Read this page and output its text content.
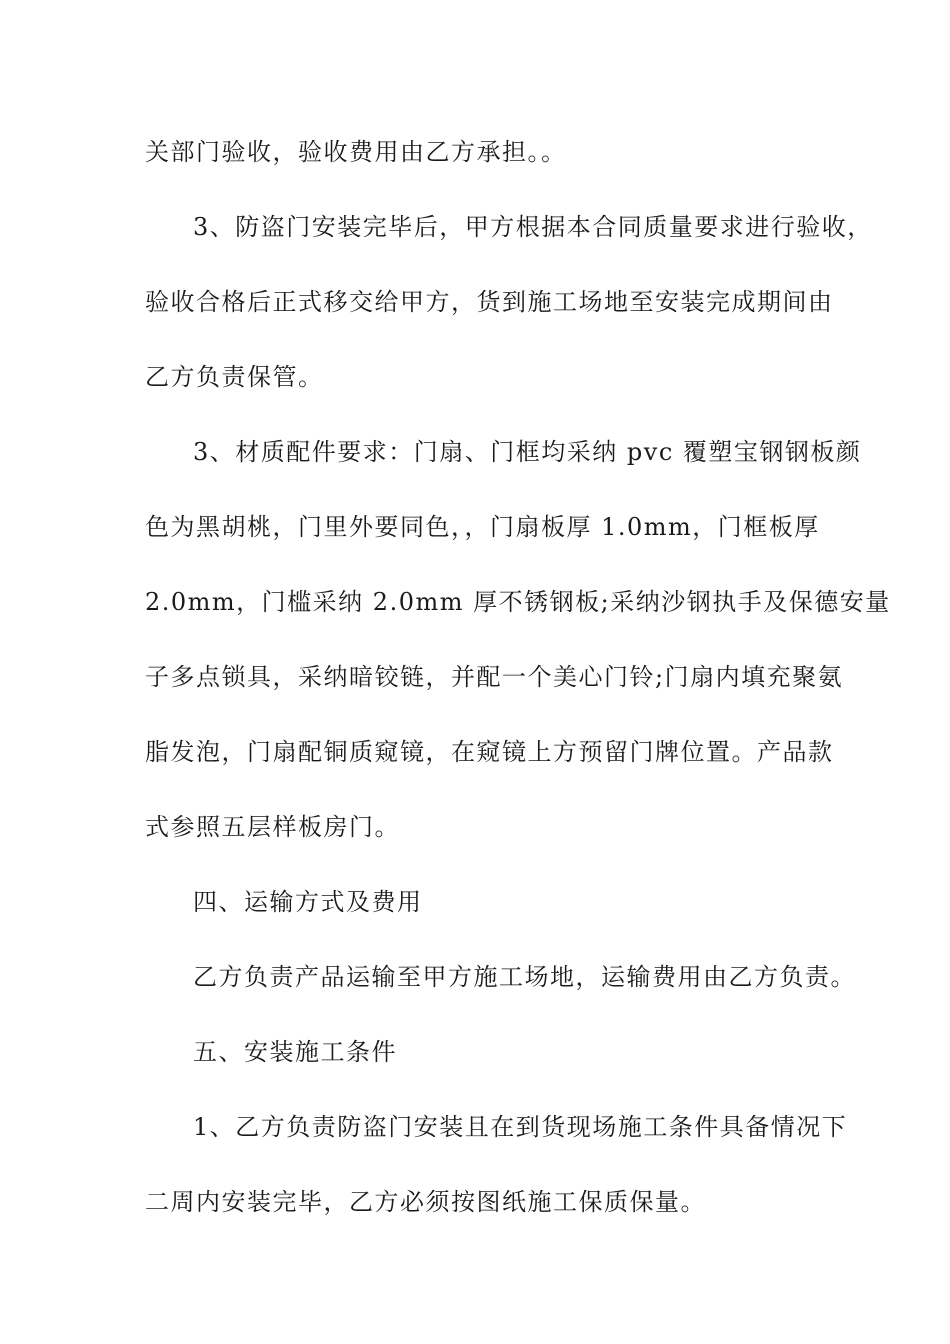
关部门验收，验收费用由乙方承担。。
3、防盗门安装完毕后，甲方根据本合同质量要求进行验收，
验收合格后正式移交给甲方，货到施工场地至安装完成期间由
乙方负责保管。
3、材质配件要求：门扇、门框均采纳 pvc 覆塑宝钢钢板颜
色为黑胡桃，门里外要同色，，门扇板厚 1.0mm，门框板厚
2.0mm，门槛采纳 2.0mm 厚不锈钢板;采纳沙钢执手及保德安量
子多点锁具，采纳暗铰链，并配一个美心门铃;门扇内填充聚氨
脂发泡，门扇配铜质窥镜，在窥镜上方预留门牌位置。产品款
式参照五层样板房门。
四、运输方式及费用
乙方负责产品运输至甲方施工场地，运输费用由乙方负责。
五、安装施工条件
1、乙方负责防盗门安装且在到货现场施工条件具备情况下
二周内安装完毕，乙方必须按图纸施工保质保量。
